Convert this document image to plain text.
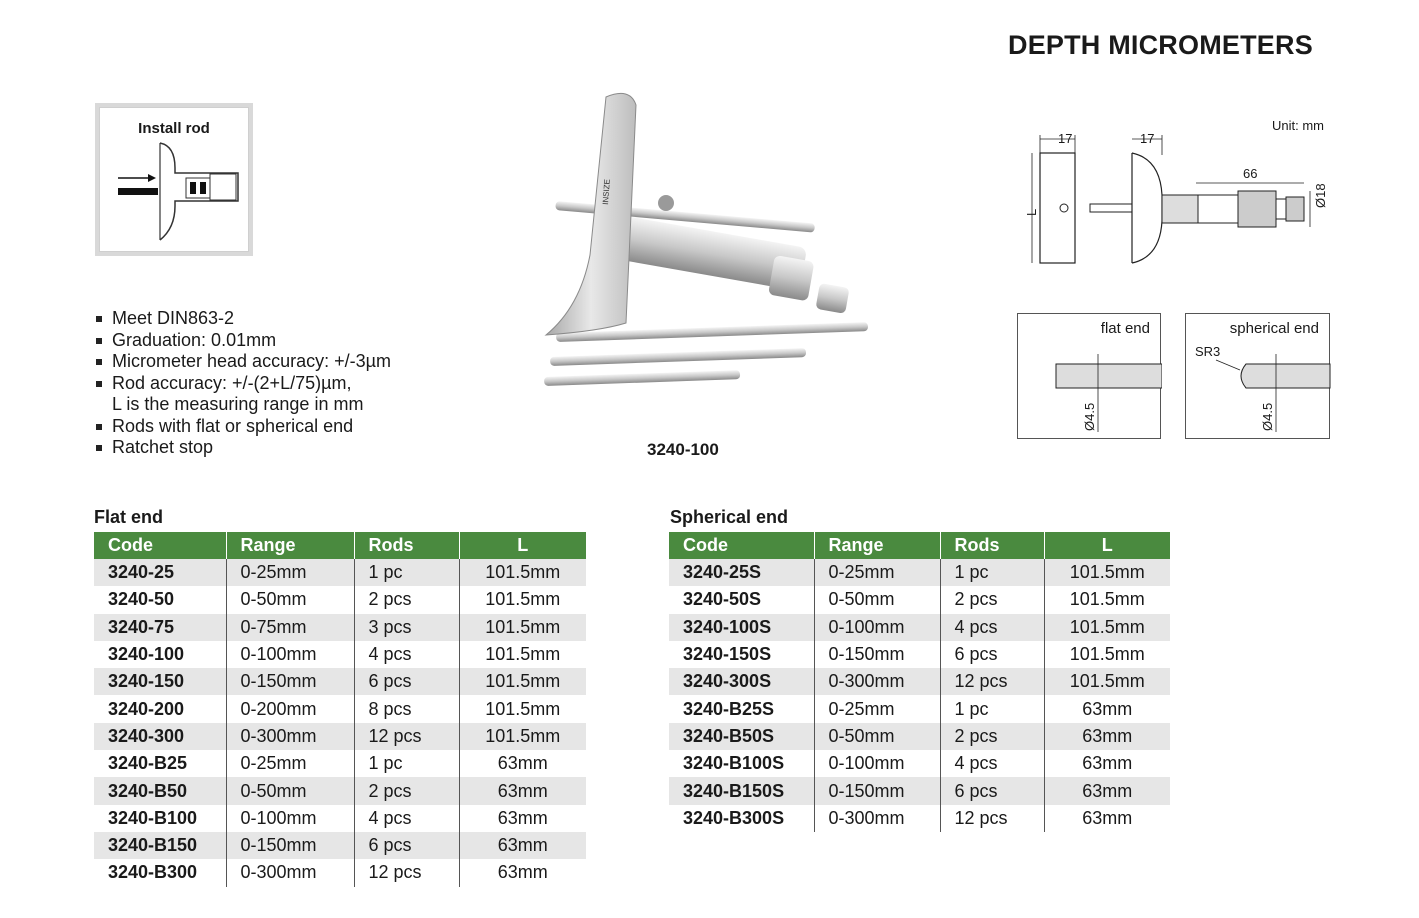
DEPTH MICROMETERS
Install rod
Meet DIN863-2
Graduation: 0.01mm
Micrometer head accuracy: +/-3µm
Rod accuracy: +/-(2+L/75)µm,
L is the measuring range in mm
Rods with flat or spherical end
Ratchet stop
INSIZE
3240-100
Unit: mm
17	17
66
Ø18
L
flat end
Ø4.5
spherical end
SR3
Ø4.5
Flat end
Code	Range	Rods	L
3240-25	0-25mm	1 pc	101.5mm
3240-50	0-50mm	2 pcs	101.5mm
3240-75	0-75mm	3 pcs	101.5mm
3240-100	0-100mm	4 pcs	101.5mm
3240-150	0-150mm	6 pcs	101.5mm
3240-200	0-200mm	8 pcs	101.5mm
3240-300	0-300mm	12 pcs	101.5mm
3240-B25	0-25mm	1 pc	63mm
3240-B50	0-50mm	2 pcs	63mm
3240-B100	0-100mm	4 pcs	63mm
3240-B150	0-150mm	6 pcs	63mm
3240-B300	0-300mm	12 pcs	63mm
Spherical end
Code	Range	Rods	L
3240-25S	0-25mm	1 pc	101.5mm
3240-50S	0-50mm	2 pcs	101.5mm
3240-100S	0-100mm	4 pcs	101.5mm
3240-150S	0-150mm	6 pcs	101.5mm
3240-300S	0-300mm	12 pcs	101.5mm
3240-B25S	0-25mm	1 pc	63mm
3240-B50S	0-50mm	2 pcs	63mm
3240-B100S	0-100mm	4 pcs	63mm
3240-B150S	0-150mm	6 pcs	63mm
3240-B300S	0-300mm	12 pcs	63mm
